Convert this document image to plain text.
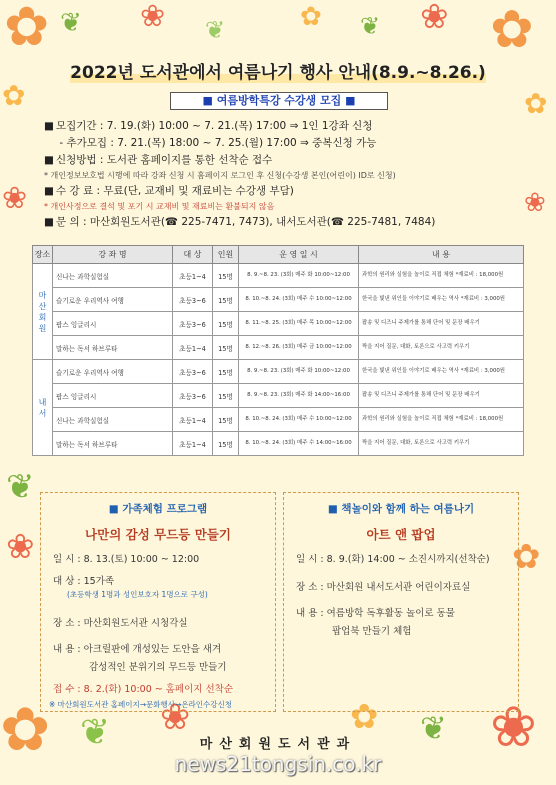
✿ ❦ ❀ ❦	✿ ❦ ❀ ✿
✿
❀
✿
❀
❦
❀	✿
✿ ❦ ❀	✿ ❦ ❀
2022년 도서관에서 여름나기 행사 안내(8.9.~8.26.)
■ 여름방학특강 수강생 모집 ■
■ 모집기간 : 7. 19.(화) 10:00 ~ 7. 21.(목) 17:00 ⇒ 1인 1강좌 신청
- 추가모집 : 7. 21.(목) 18:00 ~ 7. 25.(월) 17:00 ⇒ 중복신청 가능
■ 신청방법 : 도서관 홈페이지를 통한 선착순 접수
* 개인정보보호법 시행에 따라 강좌 신청 시 홈페이지 로그인 후 신청(수강생 본인(어린이) ID로 신청)
■ 수 강 료 : 무료(단, 교재비 및 재료비는 수강생 부담)
* 개인사정으로 결석 및 포기 시 교재비 및 재료비는 환불되지 않음
■ 문 의 : 마산회원도서관(☎ 225-7471, 7473), 내서도서관(☎ 225-7481, 7484)
장소	강 좌 명	대 상	인원	운 영 일 시	내 용
마산회원	신나는 과학실험실	초등1~4	15명	8. 9.~8. 23. (3회) 매주 화 10:00~12:00	과학의 원리와 실험을 놀이로 직접 체험 *재료비 : 18,000원
	슬기로운 우리역사 여행	초등3~6	15명	8. 10.~8. 24. (3회) 매주 수 10:00~12:00	한국을 빛낸 위인들 이야기로 배우는 역사 *재료비 : 3,000원
	팝스 잉글리시	초등3~6	15명	8. 11.~8. 25. (3회) 매주 목 10:00~12:00	팝송 및 디즈니 주제가를 통해 단어 및 문장 배우기
	말하는 독서 하브루타	초등1~4	15명	8. 12.~8. 26. (3회) 매주 금 10:00~12:00	짝을 지어 질문, 대화, 토론으로 사고력 키우기
내서	슬기로운 우리역사 여행	초등3~6	15명	8. 9.~8. 23. (3회) 매주 화 10:00~12:00	한국을 빛낸 위인들 이야기로 배우는 역사 *재료비 : 3,000원
	팝스 잉글리시	초등3~6	15명	8. 9.~8. 23. (3회) 매주 화 14:00~16:00	팝송 및 디즈니 주제가를 통해 단어 및 문장 배우기
	신나는 과학실험실	초등1~4	15명	8. 10.~8. 24. (3회) 매주 수 10:00~12:00	과학의 원리와 실험을 놀이로 직접 체험 *재료비 : 18,000원
	말하는 독서 하브루타	초등1~4	15명	8. 10.~8. 24. (3회) 매주 수 14:00~16:00	짝을 지어 질문, 대화, 토론으로 사고력 키우기
■ 가족체험 프로그램
나만의 감성 무드등 만들기
일 시 : 8. 13.(토) 10:00 ~ 12:00
대 상 : 15가족
(초등학생 1명과 성인보호자 1명으로 구성)
장 소 : 마산회원도서관 시청각실
내 용 : 아크릴판에 개성있는 도안을 새겨
감성적인 분위기의 무드등 만들기
접 수 : 8. 2.(화) 10:00 ~ 홈페이지 선착순
※ 마산회원도서관 홈페이지→문화행사→온라인수강신청
■ 책놀이와 함께 하는 여름나기
아트 앤 팝업
일 시 : 8. 9.(화) 14:00 ~ 소진시까지(선착순)
장 소 : 마산회원 내서도서관 어린이자료실
내 용 : 여름방학 독후활동 놀이로 동물
팝업북 만들기 체험
마산회원도서관과
news21tongsin.co.kr
